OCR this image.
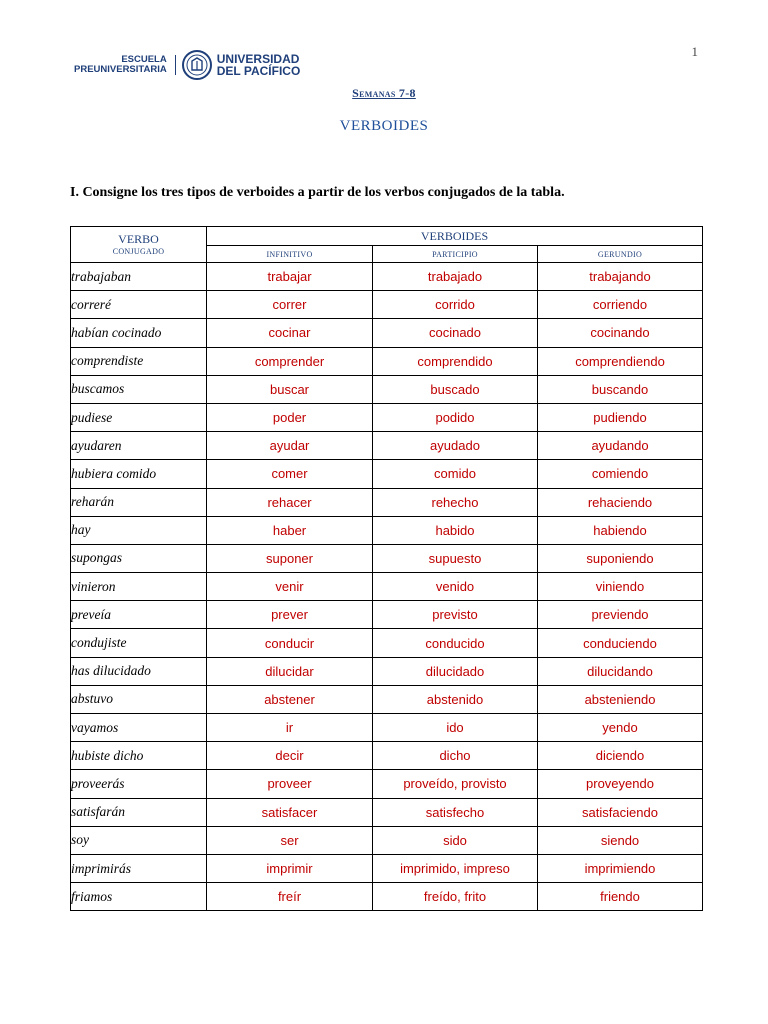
1
ESCUELA
PREUNIVERSITARIA
UNIVERSIDAD
DEL PACÍFICO
Semanas 7-8
VERBOIDES
I. Consigne los tres tipos de verboides a partir de los verbos conjugados de la tabla.
VERBO
CONJUGADO	VERBOIDES		
	INFINITIVO	PARTICIPIO	GERUNDIO
trabajaban	trabajar	trabajado	trabajando
correré	correr	corrido	corriendo
habían cocinado	cocinar	cocinado	cocinando
comprendiste	comprender	comprendido	comprendiendo
buscamos	buscar	buscado	buscando
pudiese	poder	podido	pudiendo
ayudaren	ayudar	ayudado	ayudando
hubiera comido	comer	comido	comiendo
reharán	rehacer	rehecho	rehaciendo
hay	haber	habido	habiendo
supongas	suponer	supuesto	suponiendo
vinieron	venir	venido	viniendo
preveía	prever	previsto	previendo
condujiste	conducir	conducido	conduciendo
has dilucidado	dilucidar	dilucidado	dilucidando
abstuvo	abstener	abstenido	absteniendo
vayamos	ir	ido	yendo
hubiste dicho	decir	dicho	diciendo
proveerás	proveer	proveído, provisto	proveyendo
satisfarán	satisfacer	satisfecho	satisfaciendo
soy	ser	sido	siendo
imprimirás	imprimir	imprimido, impreso	imprimiendo
friamos	freír	freído, frito	friendo
